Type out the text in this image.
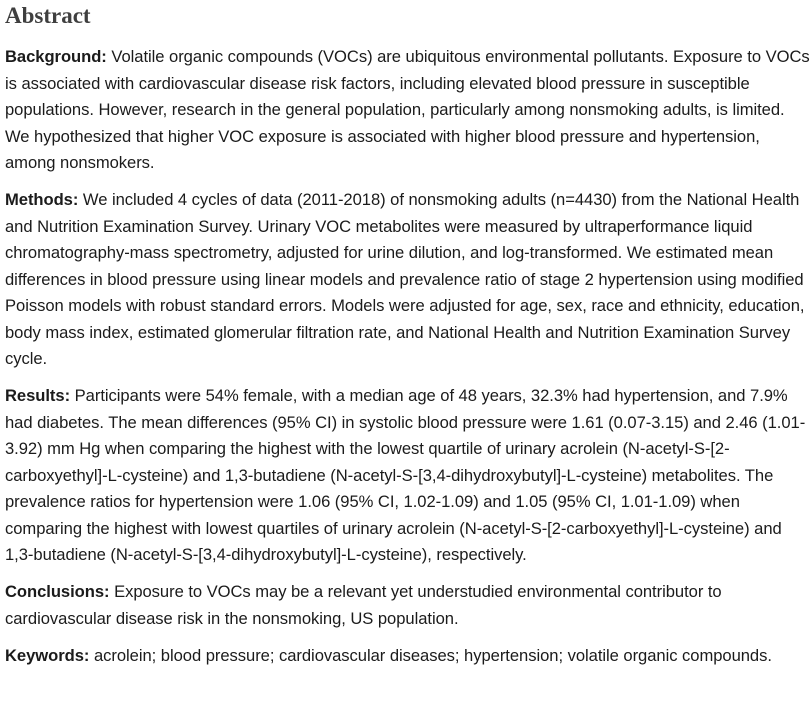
Abstract

Background: Volatile organic compounds (VOCs) are ubiquitous environmental pollutants. Exposure to VOCs is associated with cardiovascular disease risk factors, including elevated blood pressure in susceptible populations. However, research in the general population, particularly among nonsmoking adults, is limited. We hypothesized that higher VOC exposure is associated with higher blood pressure and hypertension, among nonsmokers.

Methods: We included 4 cycles of data (2011-2018) of nonsmoking adults (n=4430) from the National Health and Nutrition Examination Survey. Urinary VOC metabolites were measured by ultraperformance liquid chromatography-mass spectrometry, adjusted for urine dilution, and log-transformed. We estimated mean differences in blood pressure using linear models and prevalence ratio of stage 2 hypertension using modified Poisson models with robust standard errors. Models were adjusted for age, sex, race and ethnicity, education, body mass index, estimated glomerular filtration rate, and National Health and Nutrition Examination Survey cycle.

Results: Participants were 54% female, with a median age of 48 years, 32.3% had hypertension, and 7.9% had diabetes. The mean differences (95% CI) in systolic blood pressure were 1.61 (0.07-3.15) and 2.46 (1.01-3.92) mm Hg when comparing the highest with the lowest quartile of urinary acrolein (N-acetyl-S-[2-carboxyethyl]-L-cysteine) and 1,3-butadiene (N-acetyl-S-[3,4-dihydroxybutyl]-L-cysteine) metabolites. The prevalence ratios for hypertension were 1.06 (95% CI, 1.02-1.09) and 1.05 (95% CI, 1.01-1.09) when comparing the highest with lowest quartiles of urinary acrolein (N-acetyl-S-[2-carboxyethyl]-L-cysteine) and 1,3-butadiene (N-acetyl-S-[3,4-dihydroxybutyl]-L-cysteine), respectively.

Conclusions: Exposure to VOCs may be a relevant yet understudied environmental contributor to cardiovascular disease risk in the nonsmoking, US population.

Keywords: acrolein; blood pressure; cardiovascular diseases; hypertension; volatile organic compounds.
